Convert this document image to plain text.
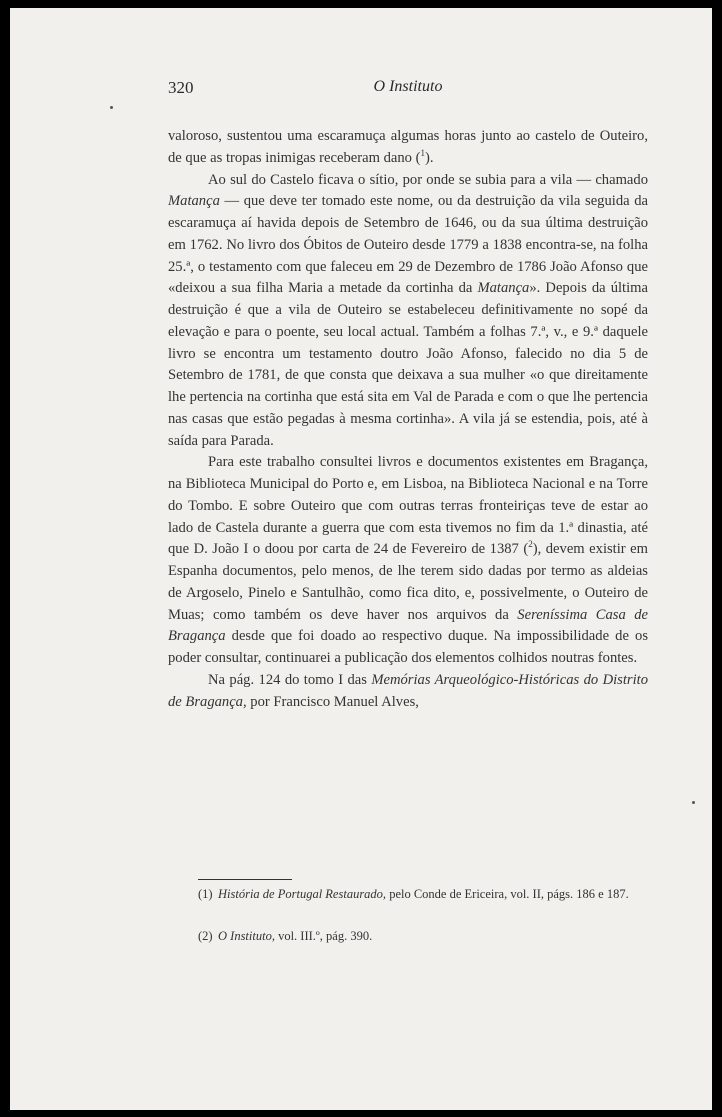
320	O Instituto

valoroso, sustentou uma escaramuça algumas horas junto ao castelo de Outeiro, de que as tropas inimigas receberam dano ($^1$).

Ao sul do Castelo ficava o sítio, por onde se subia para a vila — chamado Matança — que deve ter tomado este nome, ou da destruição da vila seguida da escaramuça aí havida depois de Setembro de 1646, ou da sua última destruição em 1762. No livro dos Óbitos de Outeiro desde 1779 a 1838 encontra-se, na folha 25.ª, o testamento com que faleceu em 29 de Dezembro de 1786 João Afonso que «deixou a sua filha Maria a metade da cortinha da Matança». Depois da última destruição é que a vila de Outeiro se estabeleceu definitivamente no sopé da elevação e para o poente, seu local actual. Também a folhas 7.ª, v., e 9.ª daquele livro se encontra um testamento doutro João Afonso, falecido no dia 5 de Setembro de 1781, de que consta que deixava a sua mulher «o que direitamente lhe pertencia na cortinha que está sita em Val de Parada e com o que lhe pertencia nas casas que estão pegadas à mesma cortinha». A vila já se estendia, pois, até à saída para Parada.

Para este trabalho consultei livros e documentos existentes em Bragança, na Biblioteca Municipal do Porto e, em Lisboa, na Biblioteca Nacional e na Torre do Tombo. E sobre Outeiro que com outras terras fronteiriças teve de estar ao lado de Castela durante a guerra que com esta tivemos no fim da 1.ª dinastia, até que D. João I o doou por carta de 24 de Fevereiro de 1387 ($^2$), devem existir em Espanha documentos, pelo menos, de lhe terem sido dadas por termo as aldeias de Argoselo, Pinelo e Santulhão, como fica dito, e, possivelmente, o Outeiro de Muas; como também os deve haver nos arquivos da Sereníssima Casa de Bragança desde que foi doado ao respectivo duque. Na impossibilidade de os poder consultar, continuarei a publicação dos elementos colhidos noutras fontes.

Na pág. 124 do tomo I das Memórias Arqueológico-Históricas do Distrito de Bragança, por Francisco Manuel Alves,

(1) História de Portugal Restaurado, pelo Conde de Ericeira, vol. II, págs. 186 e 187.
(2) O Instituto, vol. III.º, pág. 390.
